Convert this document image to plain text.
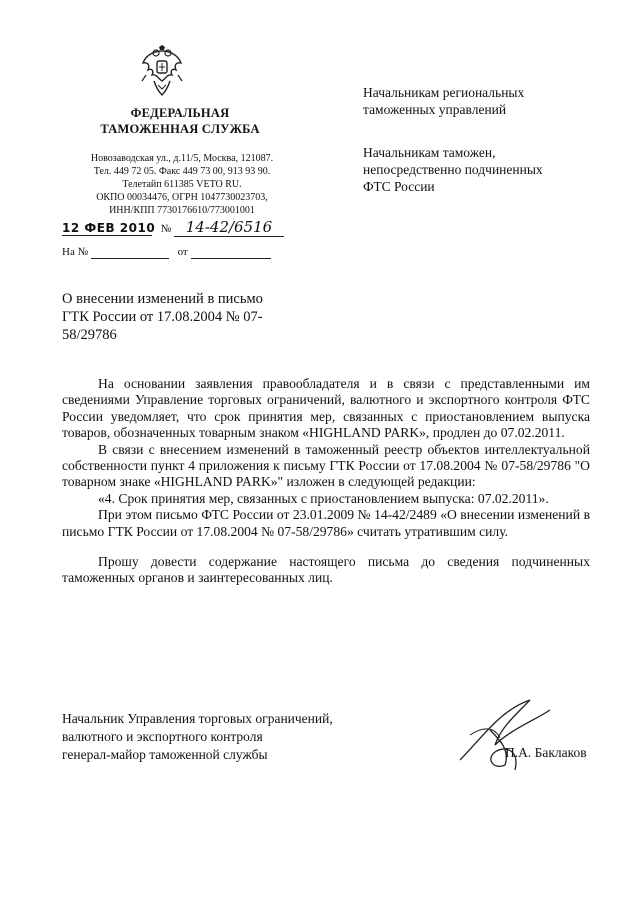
ФЕДЕРАЛЬНАЯ
ТАМОЖЕННАЯ СЛУЖБА
Новозаводская ул., д.11/5, Москва, 121087.
Тел. 449 72 05. Факс 449 73 00, 913 93 90.
Телетайп 611385 VETO RU.
ОКПО 00034476, ОГРН 1047730023703,
ИНН/КПП 7730176610/773001001
12 ФЕВ 2010 № 14-42/6516
На №	от
Начальникам региональных
таможенных управлений
Начальникам таможен,
непосредственно подчиненных
ФТС России
О внесении изменений в письмо
ГТК России от 17.08.2004 № 07-
58/29786

На основании заявления правообладателя и в связи с представленными им сведениями Управление торговых ограничений, валютного и экспортного контроля ФТС России уведомляет, что срок принятия мер, связанных с приостановлением выпуска товаров, обозначенных товарным знаком «HIGHLAND PARK», продлен до 07.02.2011.

В связи с внесением изменений в таможенный реестр объектов интеллектуальной собственности пункт 4 приложения к письму ГТК России от 17.08.2004 № 07-58/29786 "О товарном знаке «HIGHLAND PARK»" изложен в следующей редакции:

«4. Срок принятия мер, связанных с приостановлением выпуска: 07.02.2011».

При этом письмо ФТС России от 23.01.2009 № 14-42/2489 «О внесении изменений в письмо ГТК России от 17.08.2004 № 07-58/29786» считать утратившим силу.

Прошу довести содержание настоящего письма до сведения подчиненных таможенных органов и заинтересованных лиц.

Начальник Управления торговых ограничений,
валютного и экспортного контроля
генерал-майор таможенной службы	П.А. Баклаков
